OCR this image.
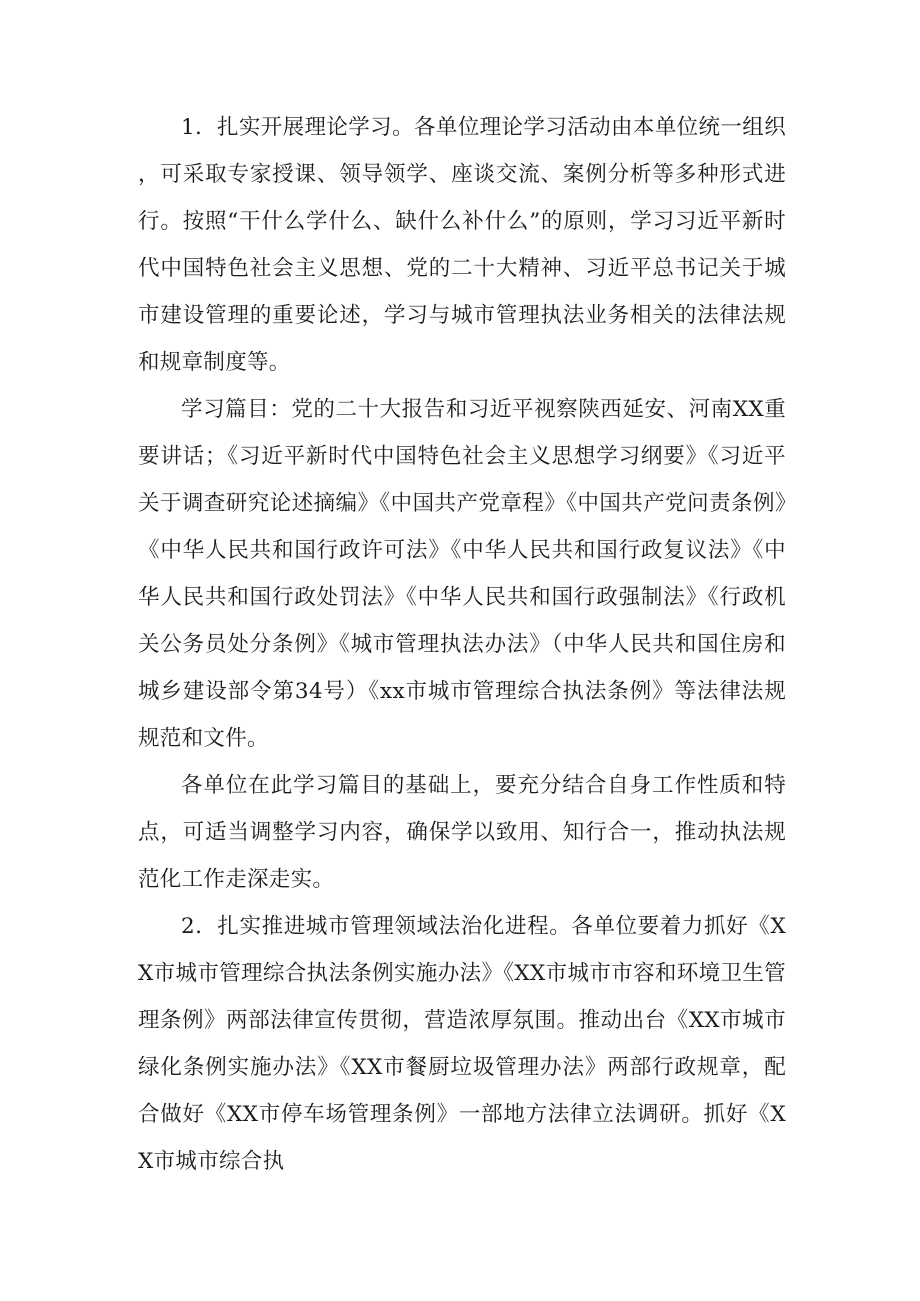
1．扎实开展理论学习。各单位理论学习活动由本单位统一组织，可采取专家授课、领导领学、座谈交流、案例分析等多种形式进行。按照“干什么学什么、缺什么补什么”的原则，学习习近平新时代中国特色社会主义思想、党的二十大精神、习近平总书记关于城市建设管理的重要论述，学习与城市管理执法业务相关的法律法规和规章制度等。

学习篇目：党的二十大报告和习近平视察陕西延安、河南XX重要讲话；《习近平新时代中国特色社会主义思想学习纲要》《习近平关于调查研究论述摘编》《中国共产党章程》《中国共产党问责条例》《中华人民共和国行政许可法》《中华人民共和国行政复议法》《中华人民共和国行政处罚法》《中华人民共和国行政强制法》《行政机关公务员处分条例》《城市管理执法办法》（中华人民共和国住房和城乡建设部令第34号）《xx市城市管理综合执法条例》等法律法规规范和文件。

各单位在此学习篇目的基础上，要充分结合自身工作性质和特点，可适当调整学习内容，确保学以致用、知行合一，推动执法规范化工作走深走实。

2．扎实推进城市管理领域法治化进程。各单位要着力抓好《XX市城市管理综合执法条例实施办法》《XX市城市市容和环境卫生管理条例》两部法律宣传贯彻，营造浓厚氛围。推动出台《XX市城市绿化条例实施办法》《XX市餐厨垃圾管理办法》两部行政规章，配合做好《XX市停车场管理条例》一部地方法律立法调研。抓好《XX市城市综合执
